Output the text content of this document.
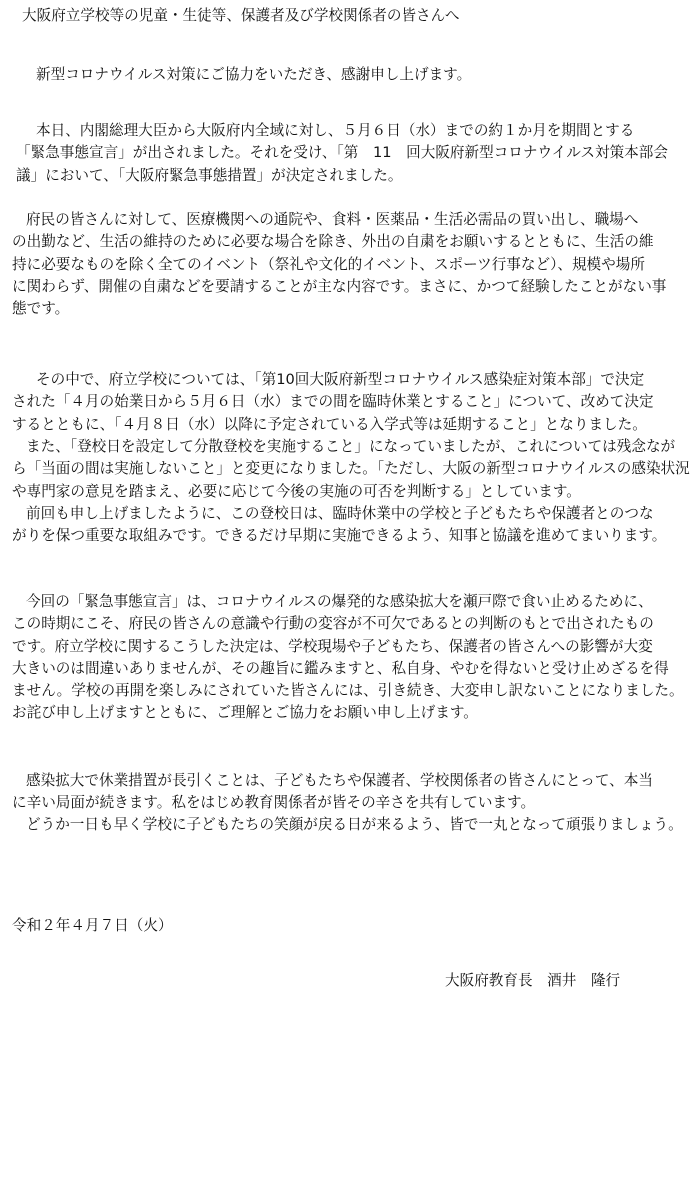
大阪府立学校等の児童・生徒等、保護者及び学校関係者の皆さんへ
新型コロナウイルス対策にご協力をいただき、感謝申し上げます。
本日、内閣総理大臣から大阪府内全域に対し、５月６日（水）までの約１か月を期間とする
「緊急事態宣言」が出されました。それを受け、「第　11　回大阪府新型コロナウイルス対策本部会
議」において、「大阪府緊急事態措置」が決定されました。
府民の皆さんに対して、医療機関への通院や、食料・医薬品・生活必需品の買い出し、職場へ
の出勤など、生活の維持のために必要な場合を除き、外出の自粛をお願いするとともに、生活の維
持に必要なものを除く全てのイベント（祭礼や文化的イベント、スポーツ行事など）、規模や場所
に関わらず、開催の自粛などを要請することが主な内容です。まさに、かつて経験したことがない事
態です。
その中で、府立学校については、「第10回大阪府新型コロナウイルス感染症対策本部」で決定
された「４月の始業日から５月６日（水）までの間を臨時休業とすること」について、改めて決定
するとともに、「４月８日（水）以降に予定されている入学式等は延期すること」となりました。
また、「登校日を設定して分散登校を実施すること」になっていましたが、これについては残念なが
ら「当面の間は実施しないこと」と変更になりました。「ただし、大阪の新型コロナウイルスの感染状況
や専門家の意見を踏まえ、必要に応じて今後の実施の可否を判断する」としています。
前回も申し上げましたように、この登校日は、臨時休業中の学校と子どもたちや保護者とのつな
がりを保つ重要な取組みです。できるだけ早期に実施できるよう、知事と協議を進めてまいります。
今回の「緊急事態宣言」は、コロナウイルスの爆発的な感染拡大を瀬戸際で食い止めるために、
この時期にこそ、府民の皆さんの意識や行動の変容が不可欠であるとの判断のもとで出されたもの
です。府立学校に関するこうした決定は、学校現場や子どもたち、保護者の皆さんへの影響が大変
大きいのは間違いありませんが、その趣旨に鑑みますと、私自身、やむを得ないと受け止めざるを得
ません。学校の再開を楽しみにされていた皆さんには、引き続き、大変申し訳ないことになりました。
お詫び申し上げますとともに、ご理解とご協力をお願い申し上げます。
感染拡大で休業措置が長引くことは、子どもたちや保護者、学校関係者の皆さんにとって、本当
に辛い局面が続きます。私をはじめ教育関係者が皆その辛さを共有しています。
どうか一日も早く学校に子どもたちの笑顔が戻る日が来るよう、皆で一丸となって頑張りましょう。
令和２年４月７日（火）
大阪府教育長　酒井　隆行
